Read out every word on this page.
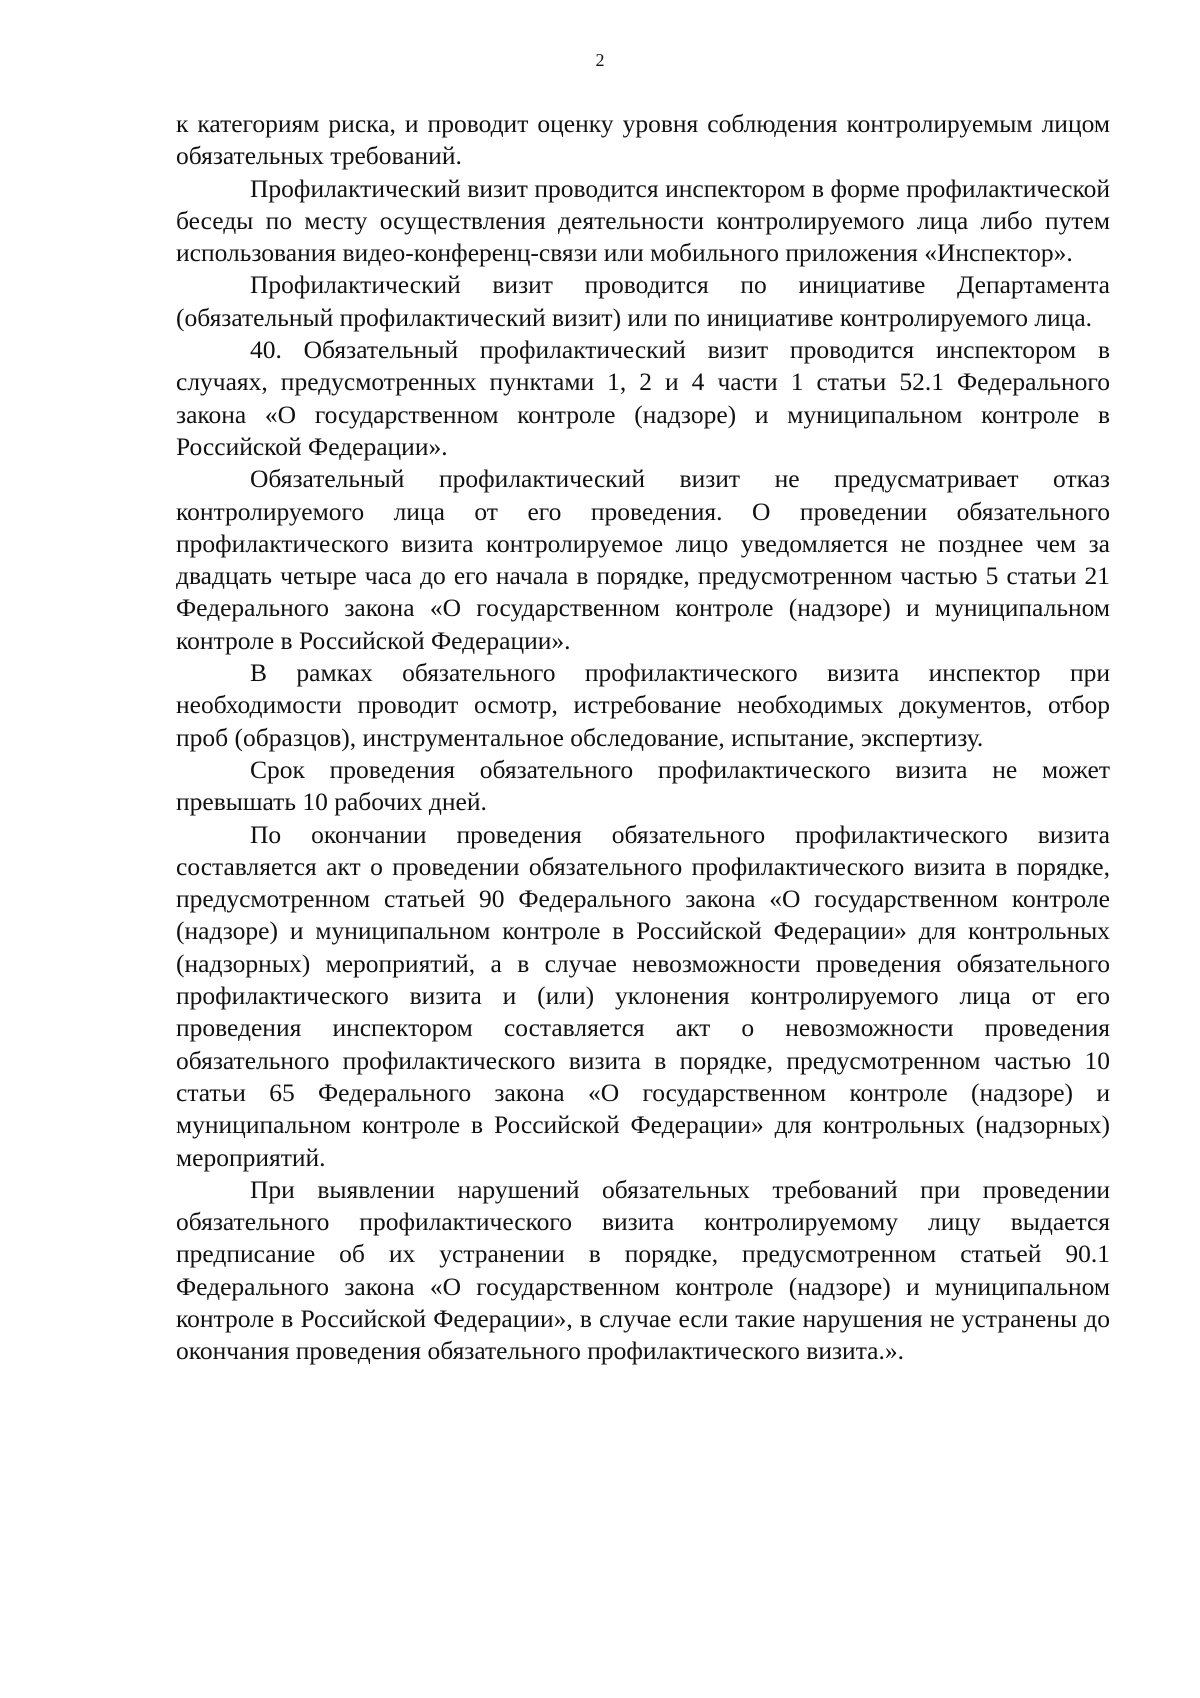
2

к категориям риска, и проводит оценку уровня соблюдения контролируемым лицом обязательных требований.

Профилактический визит проводится инспектором в форме профилактической беседы по месту осуществления деятельности контролируемого лица либо путем использования видео-конференц-связи или мобильного приложения «Инспектор».

Профилактический визит проводится по инициативе Департамента (обязательный профилактический визит) или по инициативе контролируемого лица.

40. Обязательный профилактический визит проводится инспектором в случаях, предусмотренных пунктами 1, 2 и 4 части 1 статьи 52.1 Федерального закона «О государственном контроле (надзоре) и муниципальном контроле в Российской Федерации».

Обязательный профилактический визит не предусматривает отказ контролируемого лица от его проведения. О проведении обязательного профилактического визита контролируемое лицо уведомляется не позднее чем за двадцать четыре часа до его начала в порядке, предусмотренном частью 5 статьи 21 Федерального закона «О государственном контроле (надзоре) и муниципальном контроле в Российской Федерации».

В рамках обязательного профилактического визита инспектор при необходимости проводит осмотр, истребование необходимых документов, отбор проб (образцов), инструментальное обследование, испытание, экспертизу.

Срок проведения обязательного профилактического визита не может превышать 10 рабочих дней.

По окончании проведения обязательного профилактического визита составляется акт о проведении обязательного профилактического визита в порядке, предусмотренном статьей 90 Федерального закона «О государственном контроле (надзоре) и муниципальном контроле в Российской Федерации» для контрольных (надзорных) мероприятий, а в случае невозможности проведения обязательного профилактического визита и (или) уклонения контролируемого лица от его проведения инспектором составляется акт о невозможности проведения обязательного профилактического визита в порядке, предусмотренном частью 10 статьи 65 Федерального закона «О государственном контроле (надзоре) и муниципальном контроле в Российской Федерации» для контрольных (надзорных) мероприятий.

При выявлении нарушений обязательных требований при проведении обязательного профилактического визита контролируемому лицу выдается предписание об их устранении в порядке, предусмотренном статьей 90.1 Федерального закона «О государственном контроле (надзоре) и муниципальном контроле в Российской Федерации», в случае если такие нарушения не устранены до окончания проведения обязательного профилактического визита.».
